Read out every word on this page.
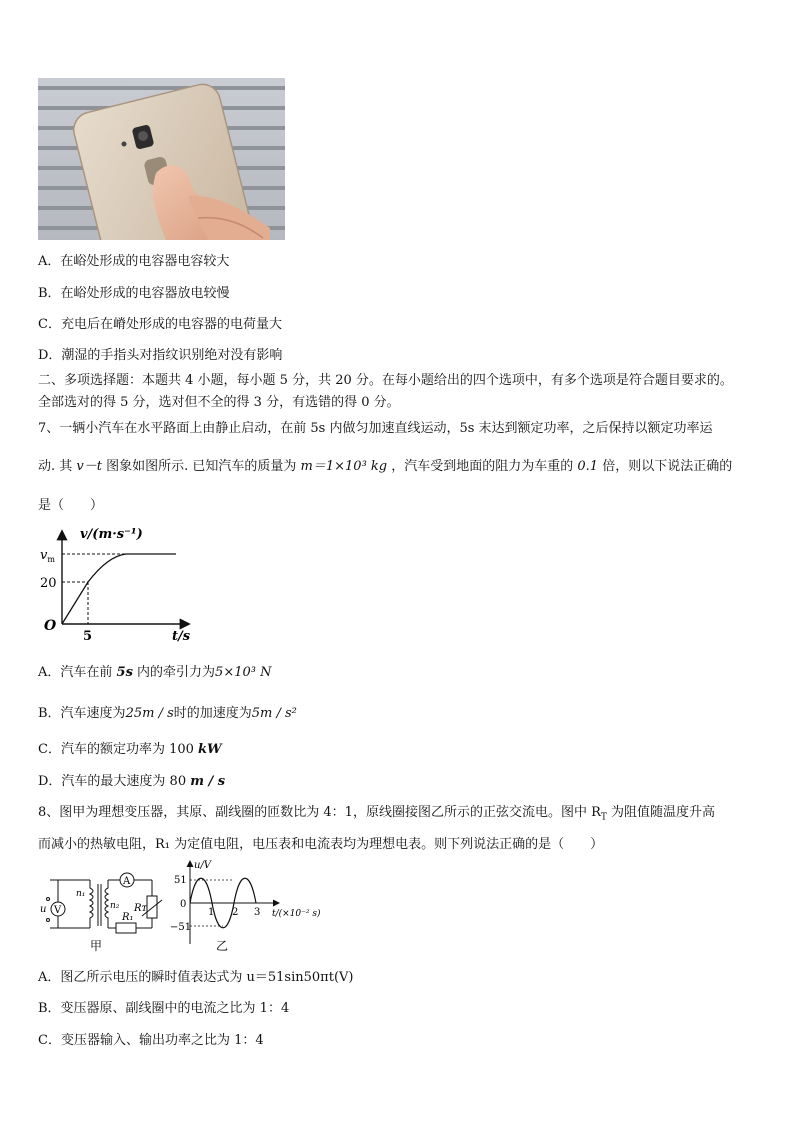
A．在峪处形成的电容器电容较大
B．在峪处形成的电容器放电较慢
C．充电后在嵴处形成的电容器的电荷量大
D．潮湿的手指头对指纹识别绝对没有影响
二、多项选择题：本题共 4 小题，每小题 5 分，共 20 分。在每小题给出的四个选项中，有多个选项是符合题目要求的。
全部选对的得 5 分，选对但不全的得 3 分，有选错的得 0 分。
7、一辆小汽车在水平路面上由静止启动，在前 5s 内做匀加速直线运动，5s 末达到额定功率，之后保持以额定功率运
动. 其 v－t 图象如图所示. 已知汽车的质量为 m＝1×10³ kg ，汽车受到地面的阻力为车重的 0.1 倍，则以下说法正确的
是（　　）
v/(m·s⁻¹)
$v_m$
20
O
5	t/s
A．汽车在前 5s 内的牵引力为5×10³ N
B．汽车速度为25m / s时的加速度为5m / s²
C．汽车的额定功率为 100 kW
D．汽车的最大速度为 80 m / s
8、图甲为理想变压器，其原、副线圈的匝数比为 4：1，原线圈接图乙所示的正弦交流电。图中 $R_T$ 为阻值随温度升高
而减小的热敏电阻，R₁ 为定值电阻，电压表和电流表均为理想电表。则下列说法正确的是（　　）
u V
A
n₁
n₂
R₁
Rᴛ
甲
u/V
51
0
−51
1 2 3 t/(×10⁻² s)
乙
A．图乙所示电压的瞬时值表达式为 u＝51sin50πt(V)
B．变压器原、副线圈中的电流之比为 1：4
C．变压器输入、输出功率之比为 1：4
